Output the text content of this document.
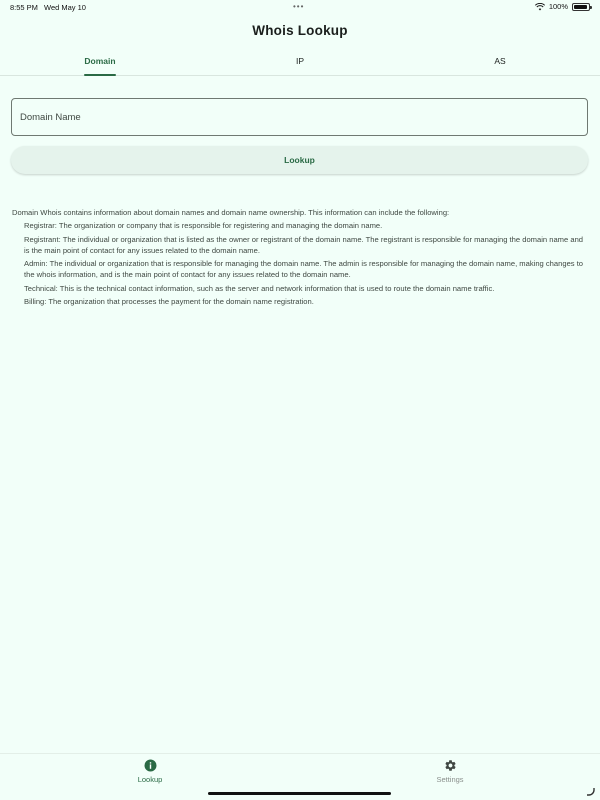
8:55 PM Wed May 10	•••	100%
Whois Lookup
Domain	IP	AS
Domain Name
Lookup

Domain Whois contains information about domain names and domain name ownership. This information can include the following:

Registrar: The organization or company that is responsible for registering and managing the domain name.

Registrant: The individual or organization that is listed as the owner or registrant of the domain name. The registrant is responsible for managing the domain name and is the main point of contact for any issues related to the domain name.

Admin: The individual or organization that is responsible for managing the domain name. The admin is responsible for managing the domain name, making changes to the whois information, and is the main point of contact for any issues related to the domain name.

Technical: This is the technical contact information, such as the server and network information that is used to route the domain name traffic.

Billing: The organization that processes the payment for the domain name registration.

Lookup	Settings
